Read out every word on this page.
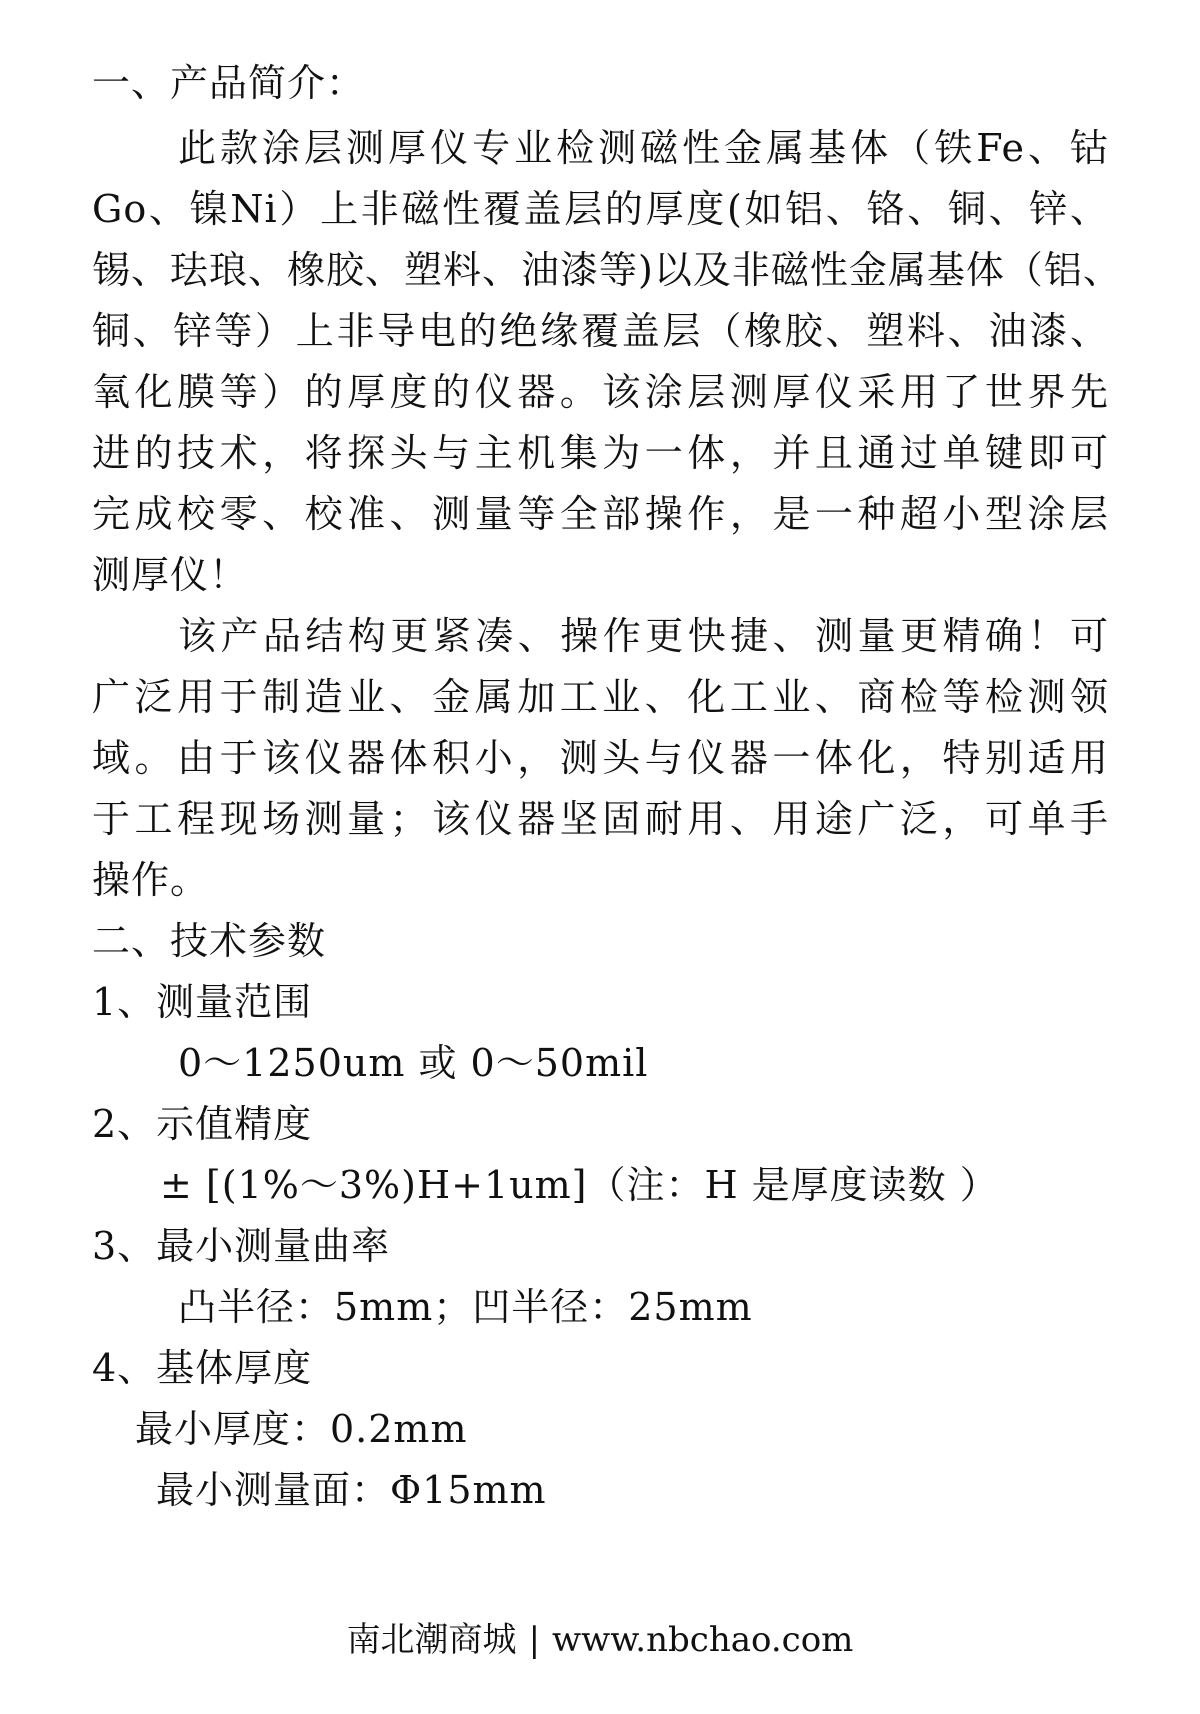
一、产品简介：
此款涂层测厚仪专业检测磁性金属基体（铁Fe、钴
Go、镍Ni）上非磁性覆盖层的厚度(如铝、铬、铜、锌、
锡、珐琅、橡胶、塑料、油漆等)以及非磁性金属基体（铝、
铜、锌等）上非导电的绝缘覆盖层（橡胶、塑料、油漆、
氧化膜等）的厚度的仪器。该涂层测厚仪采用了世界先
进的技术，将探头与主机集为一体，并且通过单键即可
完成校零、校准、测量等全部操作，是一种超小型涂层
测厚仪！
该产品结构更紧凑、操作更快捷、测量更精确！可
广泛用于制造业、金属加工业、化工业、商检等检测领
域。由于该仪器体积小，测头与仪器一体化，特别适用
于工程现场测量；该仪器坚固耐用、用途广泛，可单手
操作。
二、技术参数
1、测量范围
0～1250um 或 0～50mil
2、示值精度
± [(1%～3%)H+1um]（注：H 是厚度读数 ）
3、最小测量曲率
凸半径：5mm；凹半径：25mm
4、基体厚度
最小厚度：0.2mm
最小测量面：Φ15mm
南北潮商城 | www.nbchao.com
